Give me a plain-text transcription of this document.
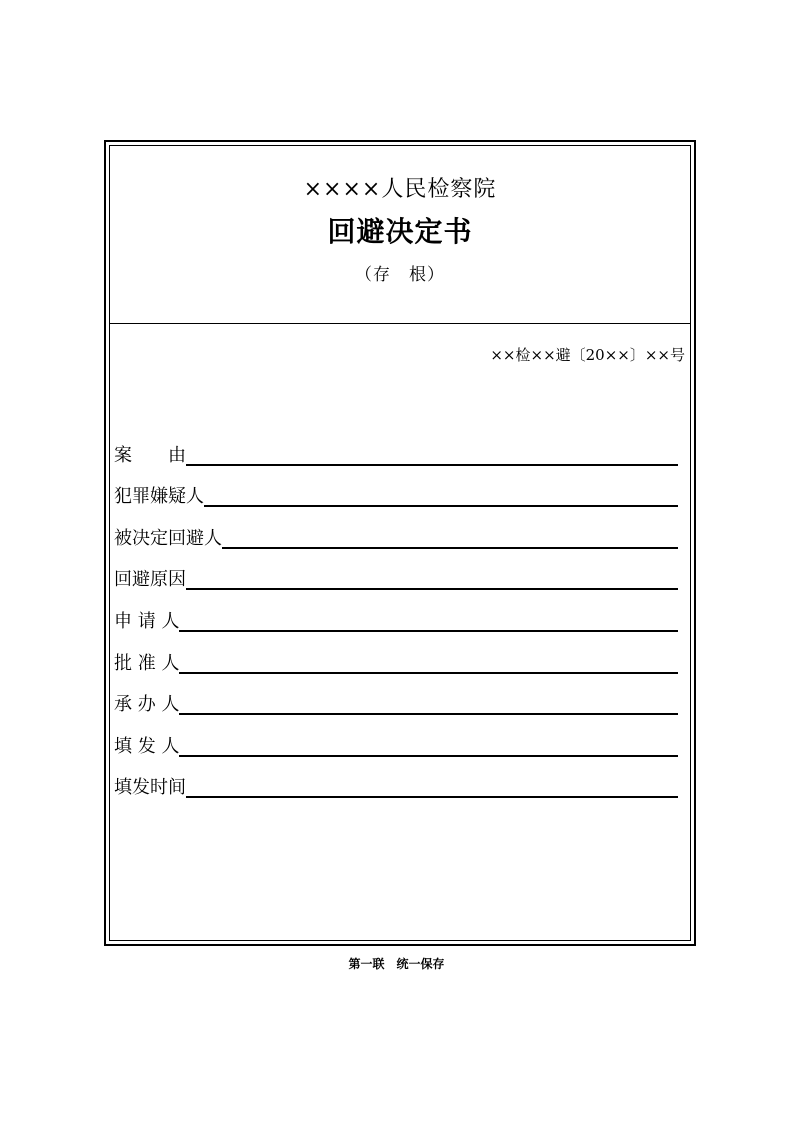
××××人民检察院
回避决定书
（存　根）
××检××避〔20××〕××号
案　　由
犯罪嫌疑人
被决定回避人
回避原因
申 请 人
批 准 人
承 办 人
填 发 人
填发时间
第一联　统一保存
